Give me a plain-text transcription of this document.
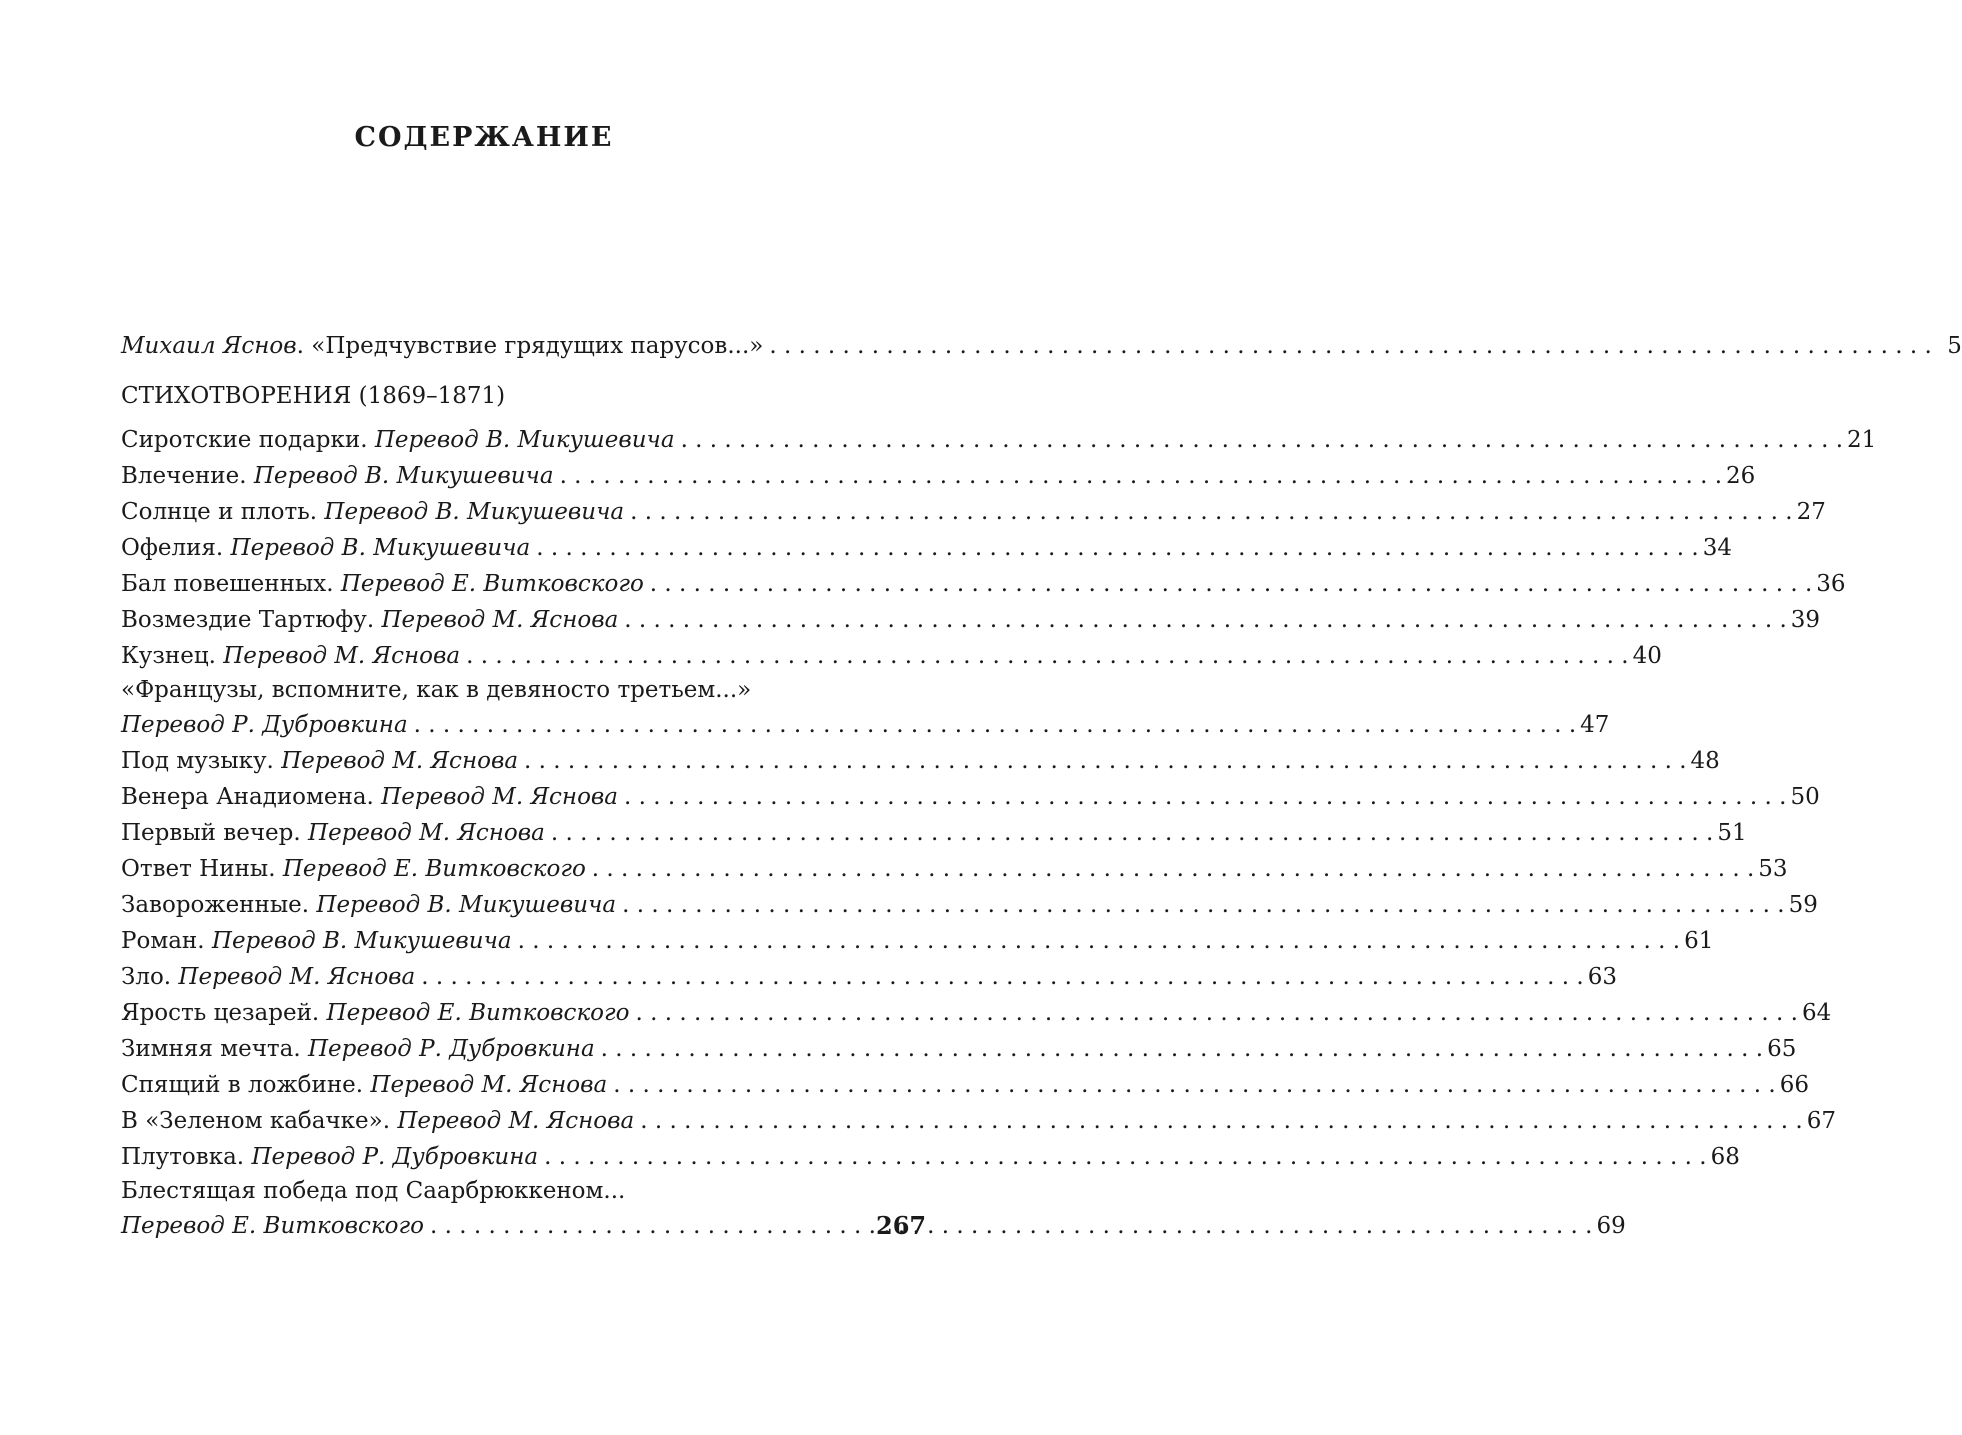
СОДЕРЖАНИЕ
Михаил Яснов. «Предчувствие грядущих парусов...» . . .	5
СТИХОТВОРЕНИЯ (1869–1871)
Сиротские подарки. Перевод В. Микушевича . . .	21
Влечение. Перевод В. Микушевича . . .	26
Солнце и плоть. Перевод В. Микушевича . . .	27
Офелия. Перевод В. Микушевича . . .	34
Бал повешенных. Перевод Е. Витковского . . .	36
Возмездие Тартюфу. Перевод М. Яснова . . .	39
Кузнец. Перевод М. Яснова . . .	40
«Французы, вспомните, как в девяносто третьем...»
Перевод Р. Дубровкина . . .	47
Под музыку. Перевод М. Яснова . . .	48
Венера Анадиомена. Перевод М. Яснова . . .	50
Первый вечер. Перевод М. Яснова . . .	51
Ответ Нины. Перевод Е. Витковского . . .	53
Завороженные. Перевод В. Микушевича . . .	59
Роман. Перевод В. Микушевича . . .	61
Зло. Перевод М. Яснова . . .	63
Ярость цезарей. Перевод Е. Витковского . . .	64
Зимняя мечта. Перевод Р. Дубровкина . . .	65
Спящий в ложбине. Перевод М. Яснова . . .	66
В «Зеленом кабачке». Перевод М. Яснова . . .	67
Плутовка. Перевод Р. Дубровкина . . .	68
Блестящая победа под Саарбрюккеном...
Перевод Е. Витковского . . .	69
267
